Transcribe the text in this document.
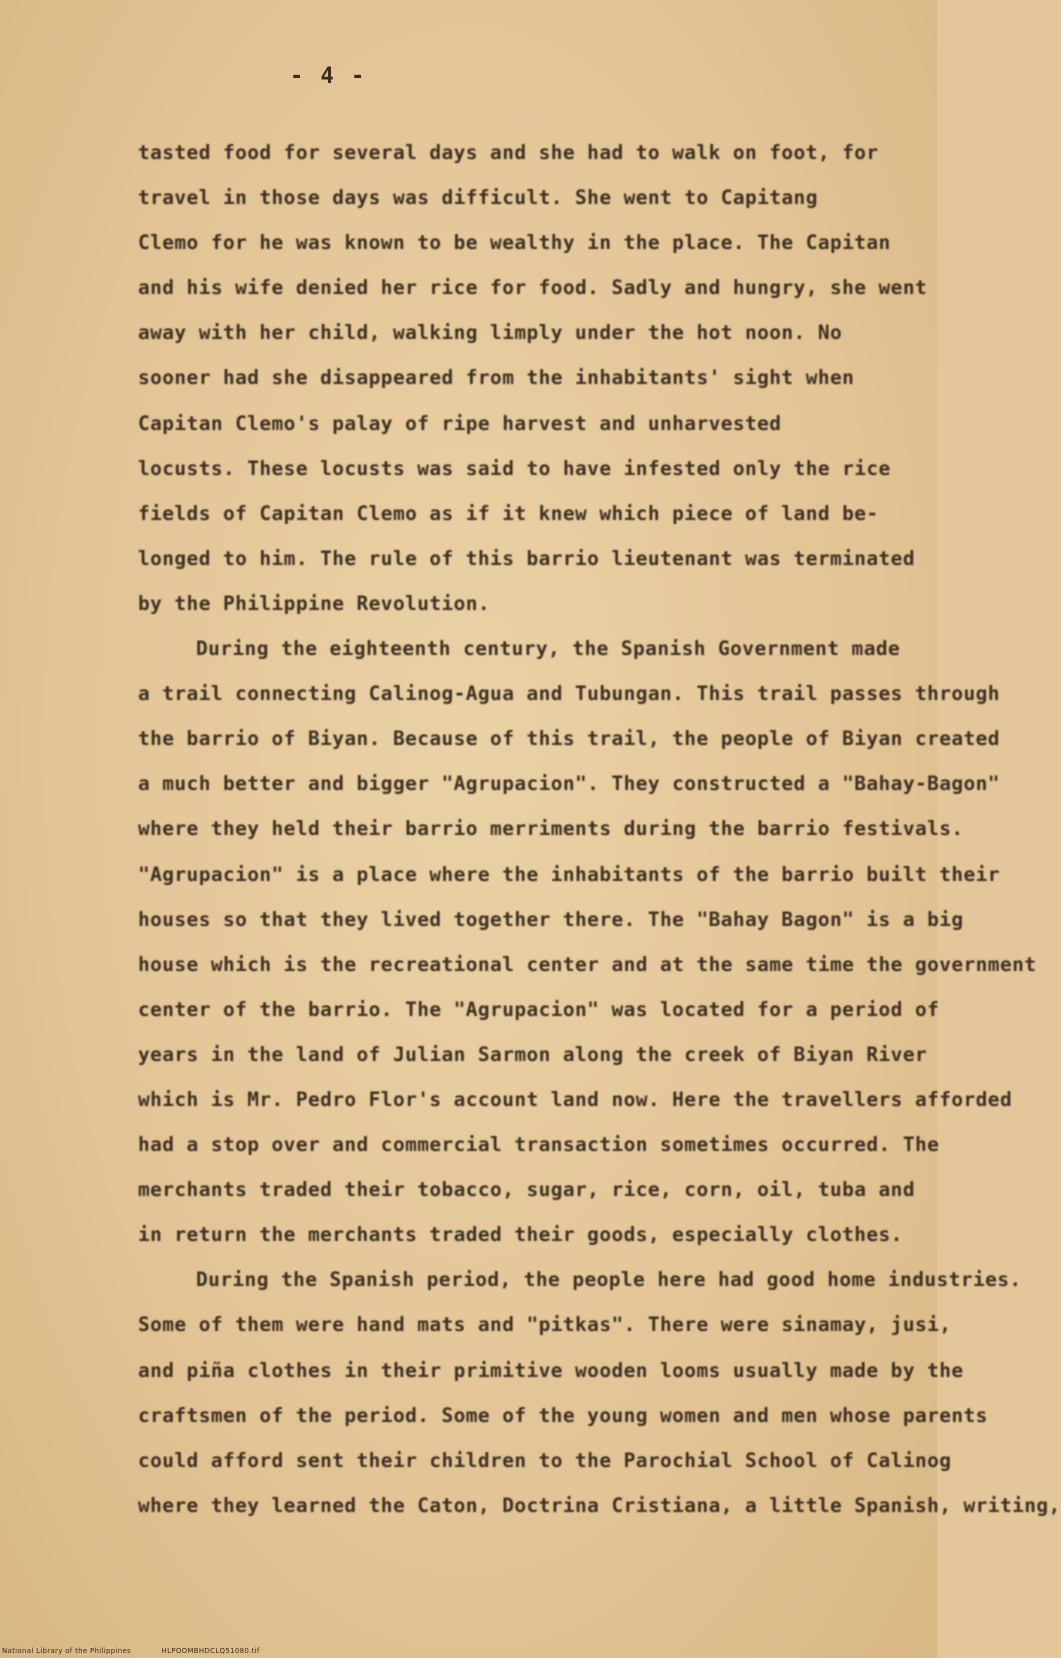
- 4 -
tasted food for several days and she had to walk on foot, for
travel in those days was difficult. She went to Capitang
Clemo for he was known to be wealthy in the place. The Capitan
and his wife denied her rice for food. Sadly and hungry, she went
away with her child, walking limply under the hot noon. No
sooner had she disappeared from the inhabitants' sight when
Capitan Clemo's palay of ripe harvest and unharvested
locusts. These locusts was said to have infested only the rice
fields of Capitan Clemo as if it knew which piece of land be-
longed to him. The rule of this barrio lieutenant was terminated
by the Philippine Revolution.
During the eighteenth century, the Spanish Government made
a trail connecting Calinog-Agua and Tubungan. This trail passes through
the barrio of Biyan. Because of this trail, the people of Biyan created
a much better and bigger "Agrupacion". They constructed a "Bahay-Bagon"
where they held their barrio merriments during the barrio festivals.
"Agrupacion" is a place where the inhabitants of the barrio built their
houses so that they lived together there. The "Bahay Bagon" is a big
house which is the recreational center and at the same time the government
center of the barrio. The "Agrupacion" was located for a period of
years in the land of Julian Sarmon along the creek of Biyan River
which is Mr. Pedro Flor's account land now. Here the travellers afforded
had a stop over and commercial transaction sometimes occurred. The
merchants traded their tobacco, sugar, rice, corn, oil, tuba and
in return the merchants traded their goods, especially clothes.
During the Spanish period, the people here had good home industries.
Some of them were hand mats and "pitkas". There were sinamay, jusi,
and piña clothes in their primitive wooden looms usually made by the
craftsmen of the period. Some of the young women and men whose parents
could afford sent their children to the Parochial School of Calinog
where they learned the Caton, Doctrina Cristiana, a little Spanish, writing,
National Library of the Philippines	HLPOOMBHDCLQ51080.tif
